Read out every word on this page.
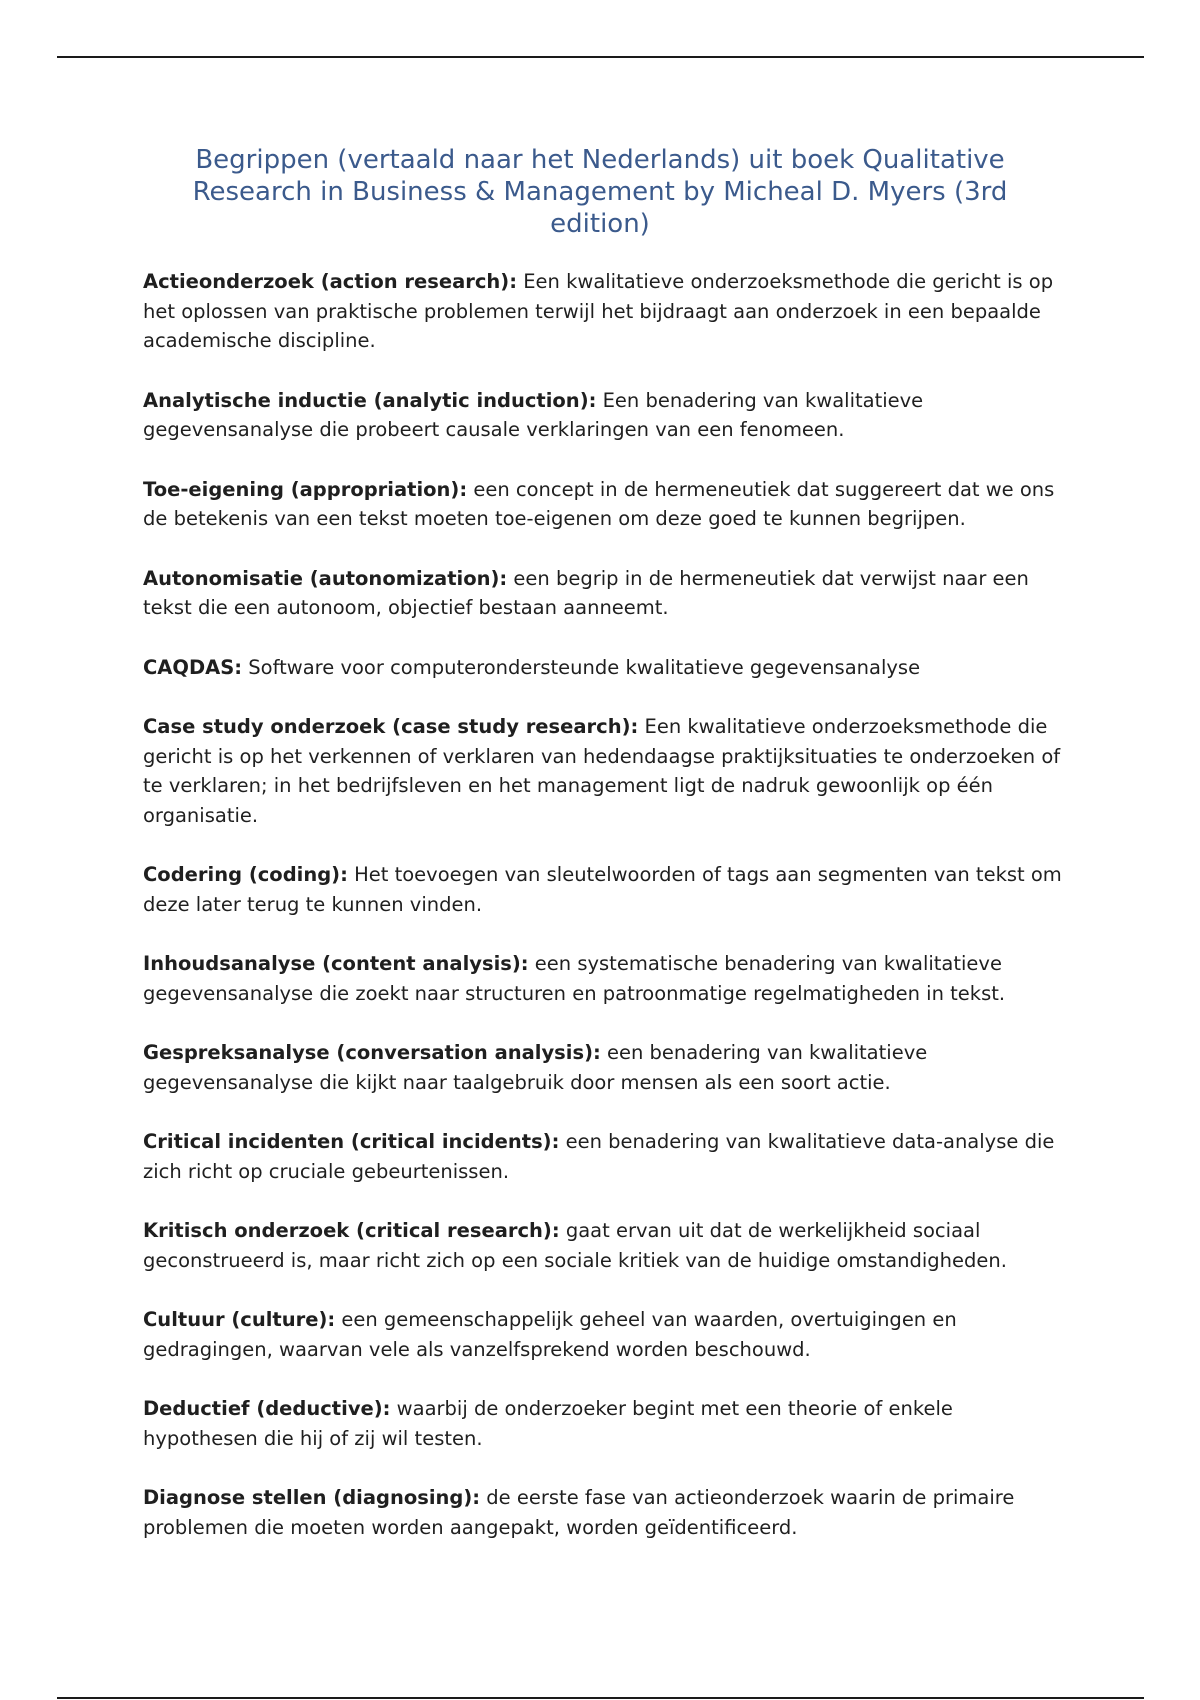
Begrippen (vertaald naar het Nederlands) uit boek Qualitative Research in Business & Management by Micheal D. Myers (3rd edition)
Actieonderzoek (action research): Een kwalitatieve onderzoeksmethode die gericht is op het oplossen van praktische problemen terwijl het bijdraagt aan onderzoek in een bepaalde academische discipline.
Analytische inductie (analytic induction): Een benadering van kwalitatieve gegevensanalyse die probeert causale verklaringen van een fenomeen.
Toe-eigening (appropriation): een concept in de hermeneutiek dat suggereert dat we ons de betekenis van een tekst moeten toe-eigenen om deze goed te kunnen begrijpen.
Autonomisatie (autonomization): een begrip in de hermeneutiek dat verwijst naar een tekst die een autonoom, objectief bestaan aanneemt.
CAQDAS: Software voor computerondersteunde kwalitatieve gegevensanalyse
Case study onderzoek (case study research): Een kwalitatieve onderzoeksmethode die gericht is op het verkennen of verklaren van hedendaagse praktijksituaties te onderzoeken of te verklaren; in het bedrijfsleven en het management ligt de nadruk gewoonlijk op één organisatie.
Codering (coding): Het toevoegen van sleutelwoorden of tags aan segmenten van tekst om deze later terug te kunnen vinden.
Inhoudsanalyse (content analysis): een systematische benadering van kwalitatieve gegevensanalyse die zoekt naar structuren en patroonmatige regelmatigheden in tekst.
Gespreksanalyse (conversation analysis): een benadering van kwalitatieve gegevensanalyse die kijkt naar taalgebruik door mensen als een soort actie.
Critical incidenten (critical incidents): een benadering van kwalitatieve data-analyse die zich richt op cruciale gebeurtenissen.
Kritisch onderzoek (critical research): gaat ervan uit dat de werkelijkheid sociaal geconstrueerd is, maar richt zich op een sociale kritiek van de huidige omstandigheden.
Cultuur (culture): een gemeenschappelijk geheel van waarden, overtuigingen en gedragingen, waarvan vele als vanzelfsprekend worden beschouwd.
Deductief (deductive): waarbij de onderzoeker begint met een theorie of enkele hypothesen die hij of zij wil testen.
Diagnose stellen (diagnosing): de eerste fase van actieonderzoek waarin de primaire problemen die moeten worden aangepakt, worden geïdentificeerd.
